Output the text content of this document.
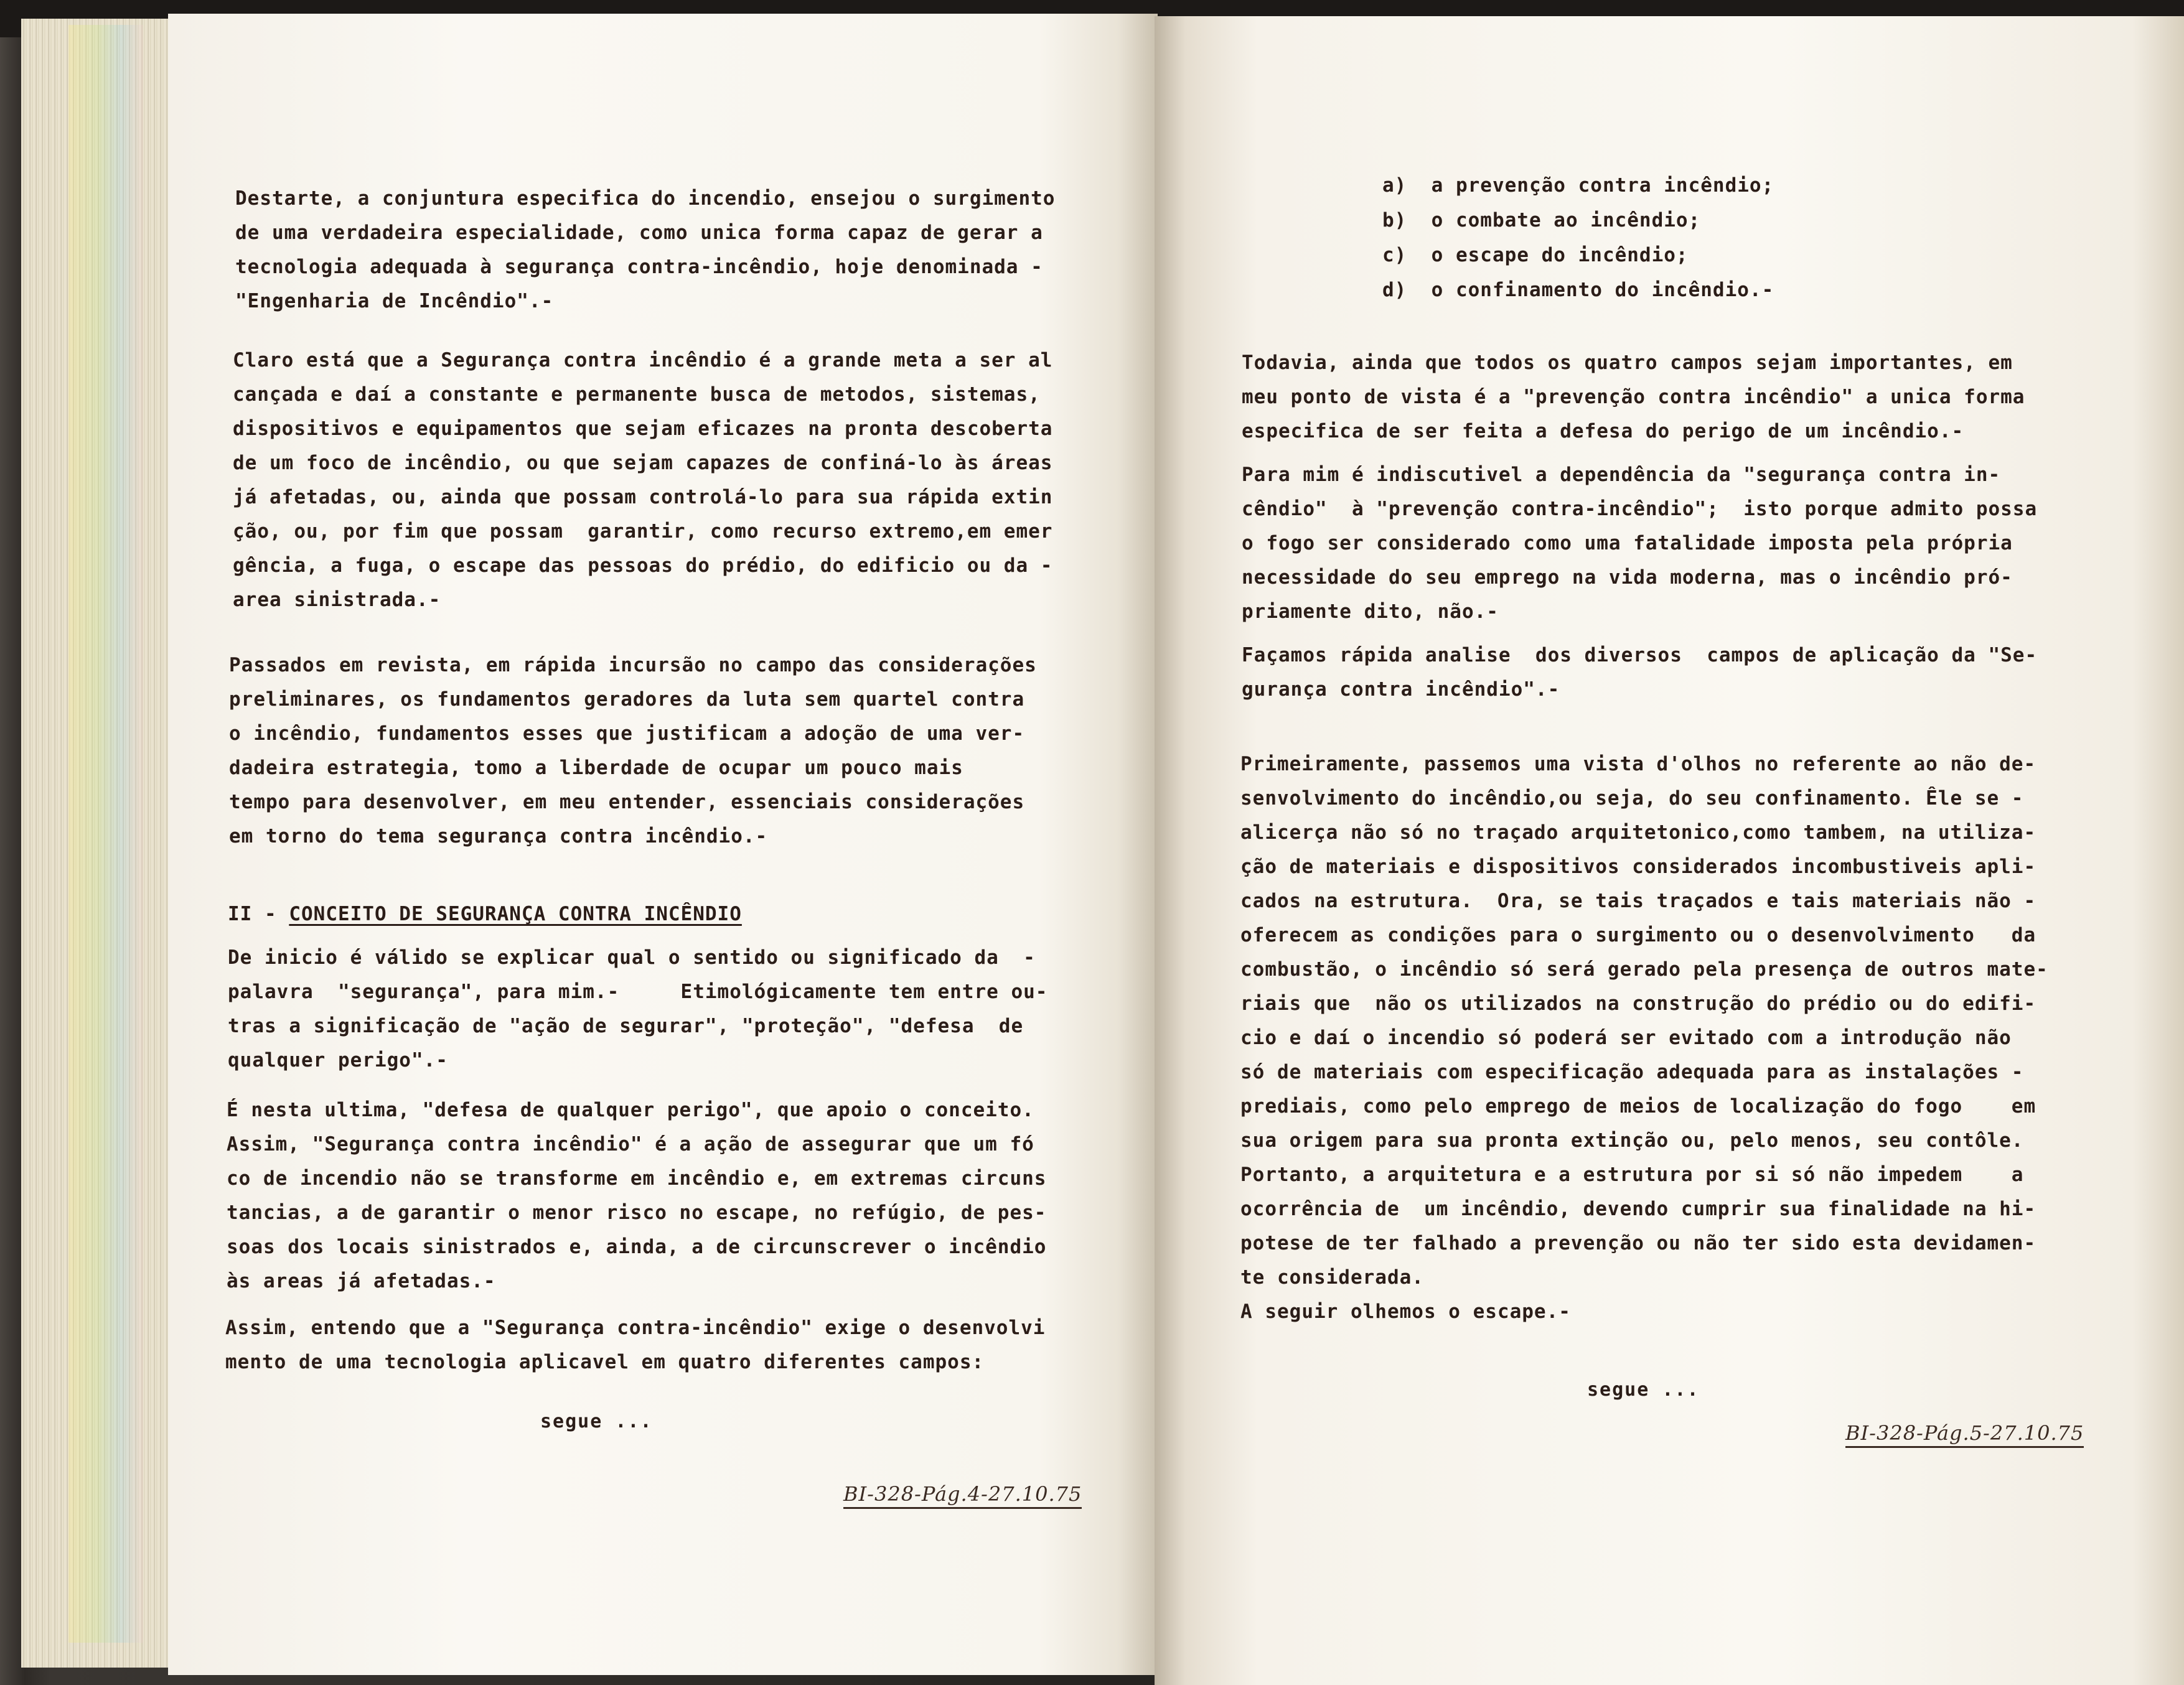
Destarte, a conjuntura especifica do incendio, ensejou o surgimento
de uma verdadeira especialidade, como unica forma capaz de gerar a
tecnologia adequada à segurança contra-incêndio, hoje denominada -
"Engenharia de Incêndio".-

Claro está que a Segurança contra incêndio é a grande meta a ser al
cançada e daí a constante e permanente busca de metodos, sistemas,
dispositivos e equipamentos que sejam eficazes na pronta descoberta
de um foco de incêndio, ou que sejam capazes de confiná-lo às áreas
já afetadas, ou, ainda que possam controlá-lo para sua rápida extin
ção, ou, por fim que possam  garantir, como recurso extremo,em emer
gência, a fuga, o escape das pessoas do prédio, do edificio ou da -
area sinistrada.-

Passados em revista, em rápida incursão no campo das considerações
preliminares, os fundamentos geradores da luta sem quartel contra
o incêndio, fundamentos esses que justificam a adoção de uma ver-
dadeira estrategia, tomo a liberdade de ocupar um pouco mais
tempo para desenvolver, em meu entender, essenciais considerações
em torno do tema segurança contra incêndio.-

II - CONCEITO DE SEGURANÇA CONTRA INCÊNDIO

De inicio é válido se explicar qual o sentido ou significado da  -
palavra  "segurança", para mim.-     Etimológicamente tem entre ou-
tras a significação de "ação de segurar", "proteção", "defesa  de
qualquer perigo".-

É nesta ultima, "defesa de qualquer perigo", que apoio o conceito.
Assim, "Segurança contra incêndio" é a ação de assegurar que um fó
co de incendio não se transforme em incêndio e, em extremas circuns
tancias, a de garantir o menor risco no escape, no refúgio, de pes-
soas dos locais sinistrados e, ainda, a de circunscrever o incêndio
às areas já afetadas.-

Assim, entendo que a "Segurança contra-incêndio" exige o desenvolvi
mento de uma tecnologia aplicavel em quatro diferentes campos:

segue ...

BI-328-Pág.4-27.10.75

a)  a prevenção contra incêndio;

b)  o combate ao incêndio;

c)  o escape do incêndio;

d)  o confinamento do incêndio.-

Todavia, ainda que todos os quatro campos sejam importantes, em
meu ponto de vista é a "prevenção contra incêndio" a unica forma
especifica de ser feita a defesa do perigo de um incêndio.-

Para mim é indiscutivel a dependência da "segurança contra in-
cêndio"  à "prevenção contra-incêndio";  isto porque admito possa
o fogo ser considerado como uma fatalidade imposta pela própria
necessidade do seu emprego na vida moderna, mas o incêndio pró-
priamente dito, não.-

Façamos rápida analise  dos diversos  campos de aplicação da "Se-
gurança contra incêndio".-

Primeiramente, passemos uma vista d'olhos no referente ao não de-
senvolvimento do incêndio,ou seja, do seu confinamento. Êle se -
alicerça não só no traçado arquitetonico,como tambem, na utiliza-
ção de materiais e dispositivos considerados incombustiveis apli-
cados na estrutura.  Ora, se tais traçados e tais materiais não -
oferecem as condições para o surgimento ou o desenvolvimento   da
combustão, o incêndio só será gerado pela presença de outros mate-
riais que  não os utilizados na construção do prédio ou do edifi-
cio e daí o incendio só poderá ser evitado com a introdução não
só de materiais com especificação adequada para as instalações -
prediais, como pelo emprego de meios de localização do fogo    em
sua origem para sua pronta extinção ou, pelo menos, seu contôle.
Portanto, a arquitetura e a estrutura por si só não impedem    a
ocorrência de  um incêndio, devendo cumprir sua finalidade na hi-
potese de ter falhado a prevenção ou não ter sido esta devidamen-
te considerada.
A seguir olhemos o escape.-

segue ...

BI-328-Pág.5-27.10.75
